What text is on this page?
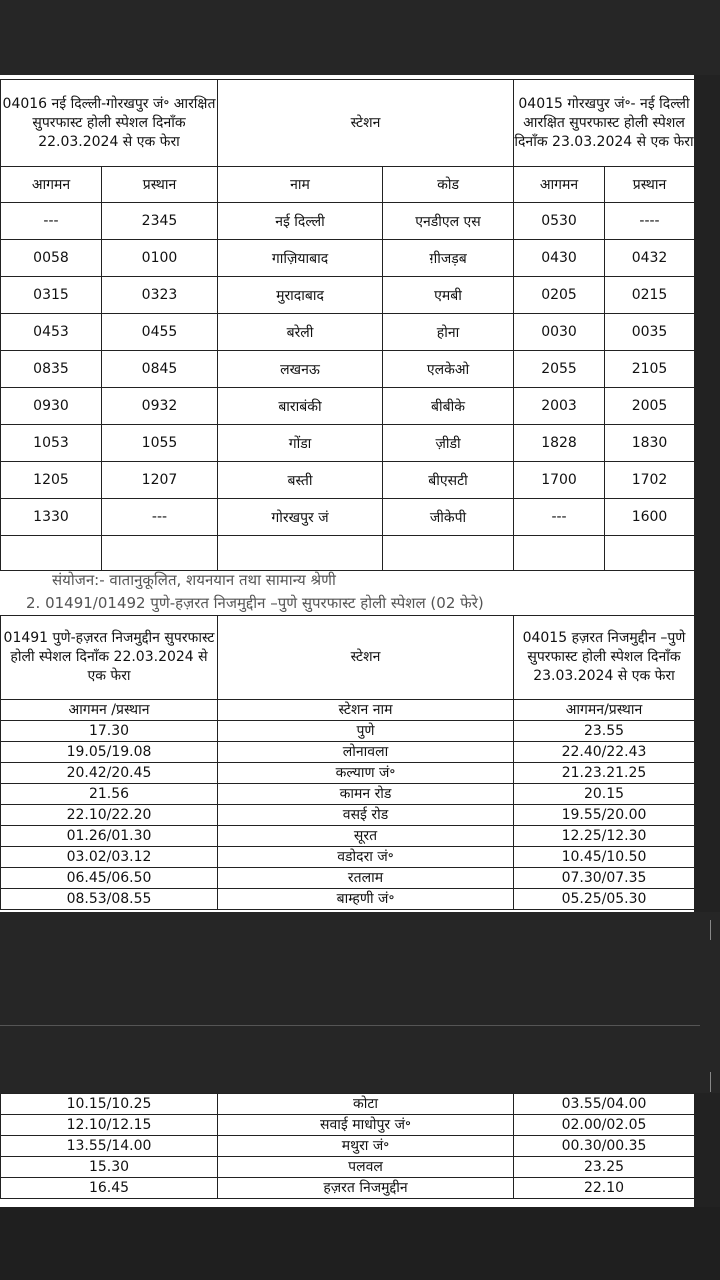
04016 नई दिल्ली-गोरखपुर जं॰ आरक्षित सुपरफास्ट होली स्पेशल दिनाँक 22.03.2024 से एक फेरा		स्टेशन		04015 गोरखपुर जं॰- नई दिल्ली आरक्षित सुपरफास्ट होली स्पेशल दिनाँक 23.03.2024 से एक फेरा	
आगमन	प्रस्थान	नाम	कोड	आगमन	प्रस्थान
---	2345	नई दिल्ली	एनडीएल एस	0530	----
0058	0100	गाज़ियाबाद	ग़ीजड़ब	0430	0432
0315	0323	मुरादाबाद	एमबी	0205	0215
0453	0455	बरेली	होना	0030	0035
0835	0845	लखनऊ	एलकेओ	2055	2105
0930	0932	बाराबंकी	बीबीके	2003	2005
1053	1055	गोंडा	ज़ीडी	1828	1830
1205	1207	बस्ती	बीएसटी	1700	1702
1330	---	गोरखपुर जं	जीकेपी	---	1600

संयोजन:- वातानुकूलित, शयनयान तथा सामान्य श्रेणी
2. 01491/01492 पुणे-हज़रत निजमुद्दीन –पुणे सुपरफास्ट होली स्पेशल (02 फेरे)
01491 पुणे-हज़रत निजमुद्दीन सुपरफास्ट होली स्पेशल दिनाँक 22.03.2024 से एक फेरा	स्टेशन	04015 हज़रत निजमुद्दीन –पुणे सुपरफास्ट होली स्पेशल दिनाँक 23.03.2024 से एक फेरा
आगमन /प्रस्थान	स्टेशन नाम	आगमन/प्रस्थान
17.30	पुणे	23.55
19.05/19.08	लोनावला	22.40/22.43
20.42/20.45	कल्याण जं॰	21.23.21.25
21.56	कामन रोड	20.15
22.10/22.20	वसई रोड	19.55/20.00
01.26/01.30	सूरत	12.25/12.30
03.02/03.12	वडोदरा जं॰	10.45/10.50
06.45/06.50	रतलाम	07.30/07.35
08.53/08.55	बाम्हणी जं॰	05.25/05.30
10.15/10.25	कोटा	03.55/04.00
12.10/12.15	सवाई माधोपुर जं॰	02.00/02.05
13.55/14.00	मथुरा जं॰	00.30/00.35
15.30	पलवल	23.25
16.45	हज़रत निजमुद्दीन	22.10
